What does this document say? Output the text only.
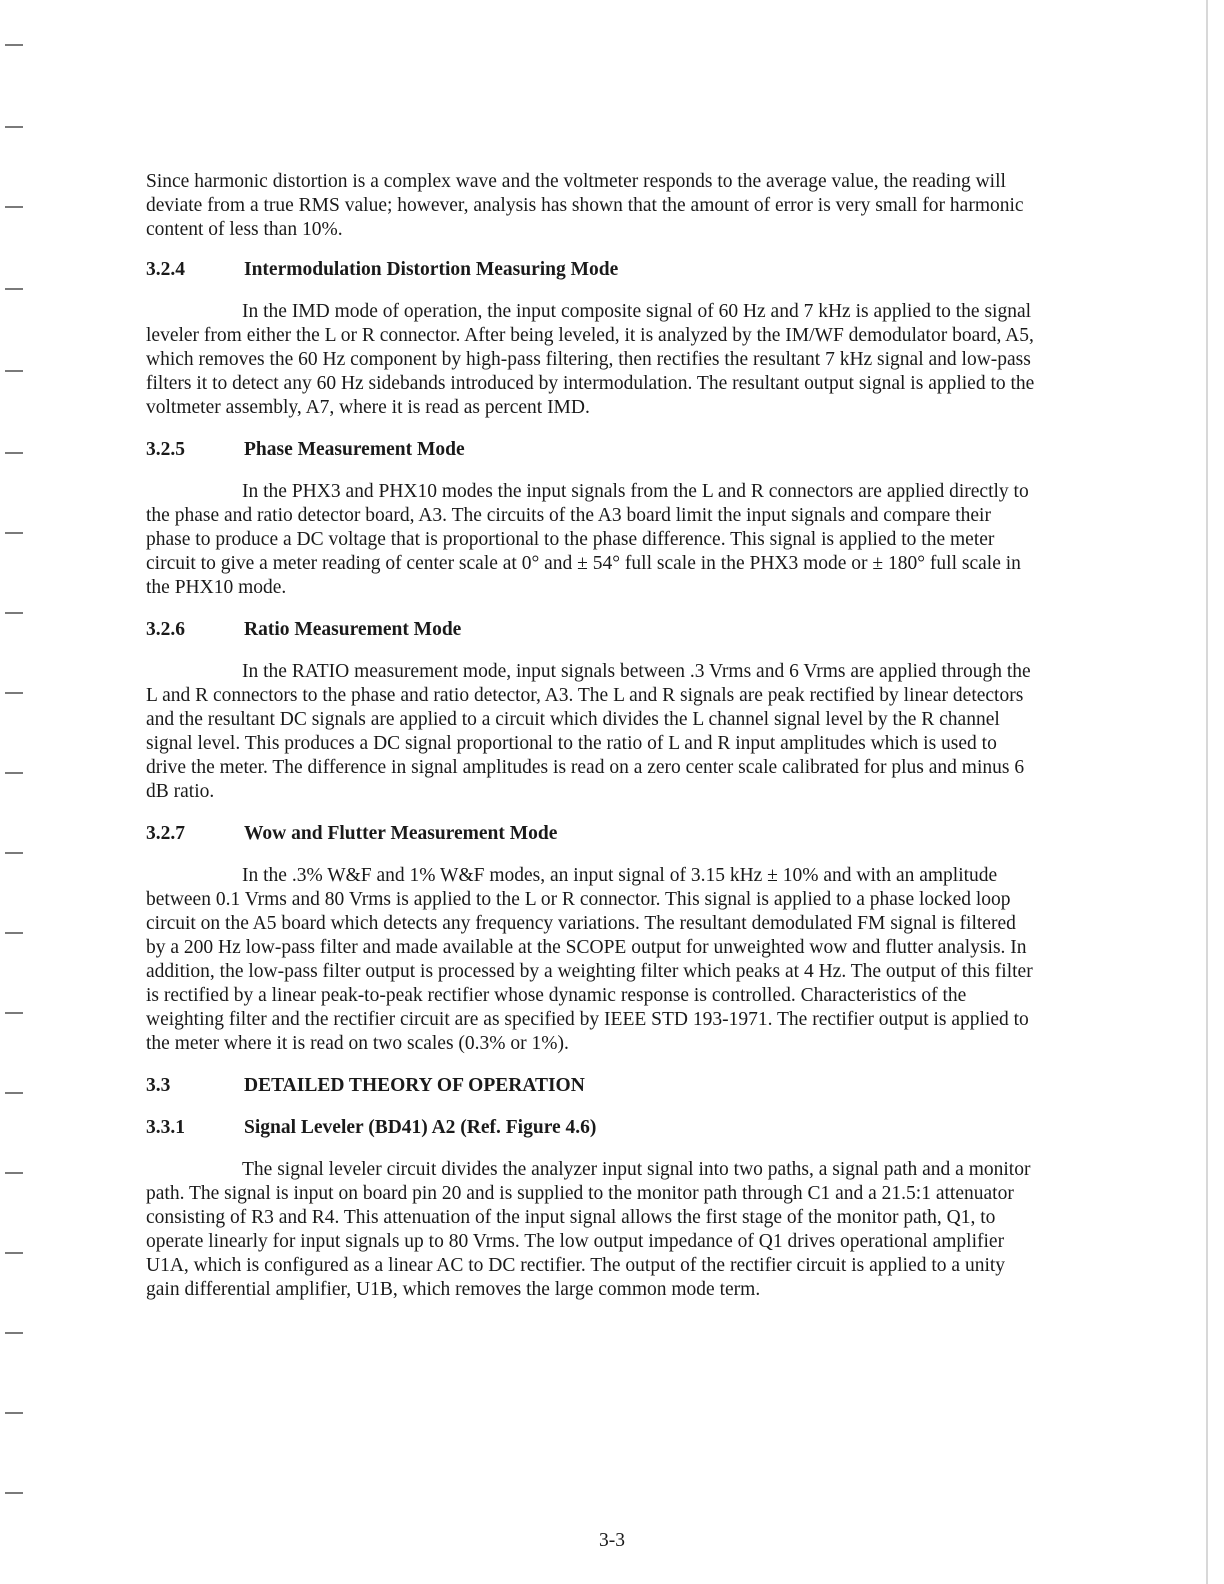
Since harmonic distortion is a complex wave and the voltmeter responds to the average value, the reading will deviate from a true RMS value; however, analysis has shown that the amount of error is very small for harmonic content of less than 10%.

3.2.4	Intermodulation Distortion Measuring Mode

In the IMD mode of operation, the input composite signal of 60 Hz and 7 kHz is applied to the signal leveler from either the L or R connector. After being leveled, it is analyzed by the IM/WF demodulator board, A5, which removes the 60 Hz component by high-pass filtering, then rectifies the resultant 7 kHz signal and low-pass filters it to detect any 60 Hz sidebands introduced by intermodulation. The resultant output signal is applied to the voltmeter assembly, A7, where it is read as percent IMD.

3.2.5	Phase Measurement Mode

In the PHX3 and PHX10 modes the input signals from the L and R connectors are applied directly to the phase and ratio detector board, A3. The circuits of the A3 board limit the input signals and compare their phase to produce a DC voltage that is proportional to the phase difference. This signal is applied to the meter circuit to give a meter reading of center scale at 0° and ± 54° full scale in the PHX3 mode or ± 180° full scale in the PHX10 mode.

3.2.6	Ratio Measurement Mode

In the RATIO measurement mode, input signals between .3 Vrms and 6 Vrms are applied through the L and R connectors to the phase and ratio detector, A3. The L and R signals are peak rectified by linear detectors and the resultant DC signals are applied to a circuit which divides the L channel signal level by the R channel signal level. This produces a DC signal proportional to the ratio of L and R input amplitudes which is used to drive the meter. The difference in signal amplitudes is read on a zero center scale calibrated for plus and minus 6 dB ratio.

3.2.7	Wow and Flutter Measurement Mode

In the .3% W&F and 1% W&F modes, an input signal of 3.15 kHz ± 10% and with an amplitude between 0.1 Vrms and 80 Vrms is applied to the L or R connector. This signal is applied to a phase locked loop circuit on the A5 board which detects any frequency variations. The resultant demodulated FM signal is filtered by a 200 Hz low-pass filter and made available at the SCOPE output for unweighted wow and flutter analysis. In addition, the low-pass filter output is processed by a weighting filter which peaks at 4 Hz. The output of this filter is rectified by a linear peak-to-peak rectifier whose dynamic response is controlled. Characteristics of the weighting filter and the rectifier circuit are as specified by IEEE STD 193-1971. The rectifier output is applied to the meter where it is read on two scales (0.3% or 1%).

3.3	DETAILED THEORY OF OPERATION
3.3.1	Signal Leveler (BD41) A2 (Ref. Figure 4.6)

The signal leveler circuit divides the analyzer input signal into two paths, a signal path and a monitor path. The signal is input on board pin 20 and is supplied to the monitor path through C1 and a 21.5:1 attenuator consisting of R3 and R4. This attenuation of the input signal allows the first stage of the monitor path, Q1, to operate linearly for input signals up to 80 Vrms. The low output impedance of Q1 drives operational amplifier U1A, which is configured as a linear AC to DC rectifier. The output of the rectifier circuit is applied to a unity gain differential amplifier, U1B, which removes the large common mode term.

3-3
